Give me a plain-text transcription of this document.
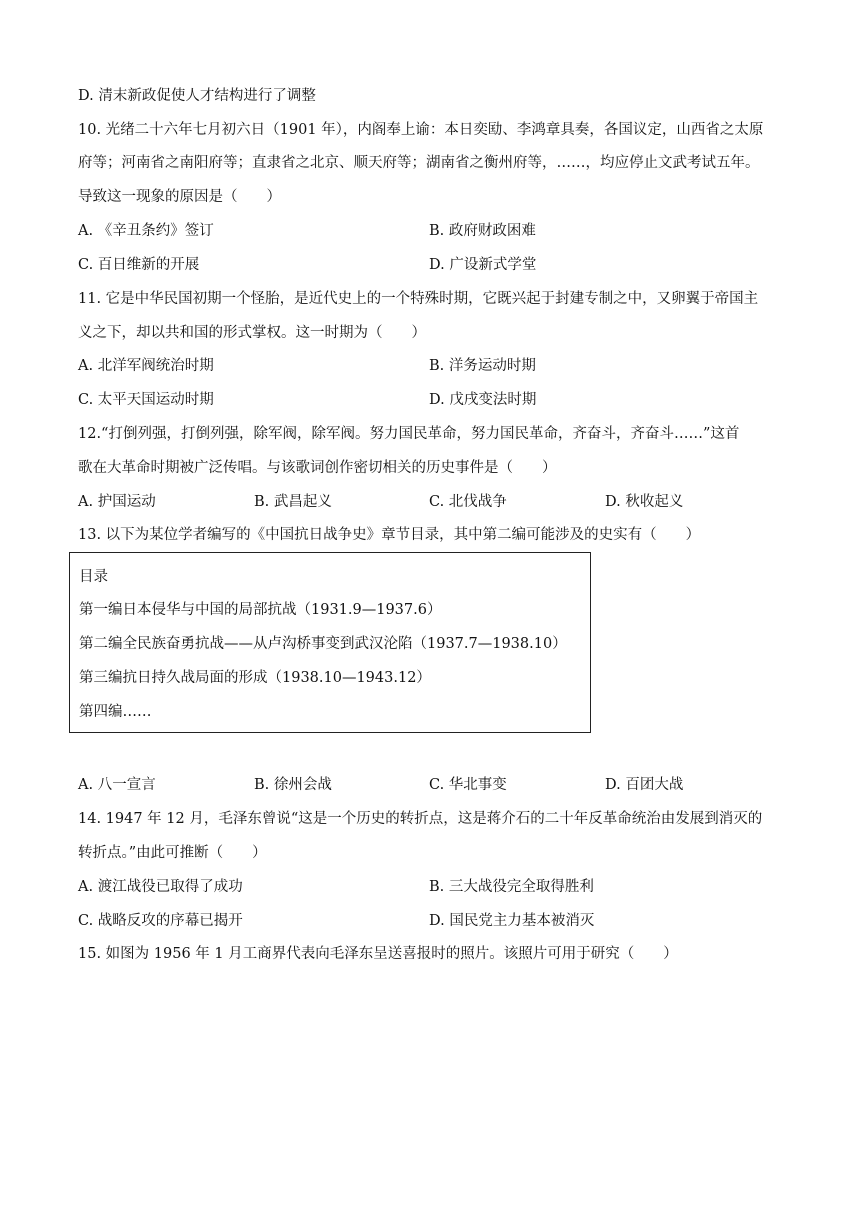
D. 清末新政促使人才结构进行了调整
10. 光绪二十六年七月初六日（1901 年），内阁奉上谕：本日奕劻、李鸿章具奏，各国议定，山西省之太原
府等；河南省之南阳府等；直隶省之北京、顺天府等；湖南省之衡州府等，……，均应停止文武考试五年。
导致这一现象的原因是（　　）
A. 《辛丑条约》签订	B. 政府财政困难
C. 百日维新的开展	D. 广设新式学堂
11. 它是中华民国初期一个怪胎，是近代史上的一个特殊时期，它既兴起于封建专制之中，又卵翼于帝国主
义之下，却以共和国的形式掌权。这一时期为（　　）
A. 北洋军阀统治时期	B. 洋务运动时期
C. 太平天国运动时期	D. 戊戌变法时期
12.“打倒列强，打倒列强，除军阀，除军阀。努力国民革命，努力国民革命，齐奋斗，齐奋斗……”这首
歌在大革命时期被广泛传唱。与该歌词创作密切相关的历史事件是（　　）
A. 护国运动	B. 武昌起义	C. 北伐战争	D. 秋收起义
13. 以下为某位学者编写的《中国抗日战争史》章节目录，其中第二编可能涉及的史实有（　　）
目录
第一编日本侵华与中国的局部抗战（1931.9—1937.6）
第二编全民族奋勇抗战——从卢沟桥事变到武汉沦陷（1937.7—1938.10）
第三编抗日持久战局面的形成（1938.10—1943.12）
第四编……
A. 八一宣言	B. 徐州会战	C. 华北事变	D. 百团大战
14. 1947 年 12 月，毛泽东曾说“这是一个历史的转折点，这是蒋介石的二十年反革命统治由发展到消灭的
转折点。”由此可推断（　　）
A. 渡江战役已取得了成功	B. 三大战役完全取得胜利
C. 战略反攻的序幕已揭开	D. 国民党主力基本被消灭
15. 如图为 1956 年 1 月工商界代表向毛泽东呈送喜报时的照片。该照片可用于研究（　　）
